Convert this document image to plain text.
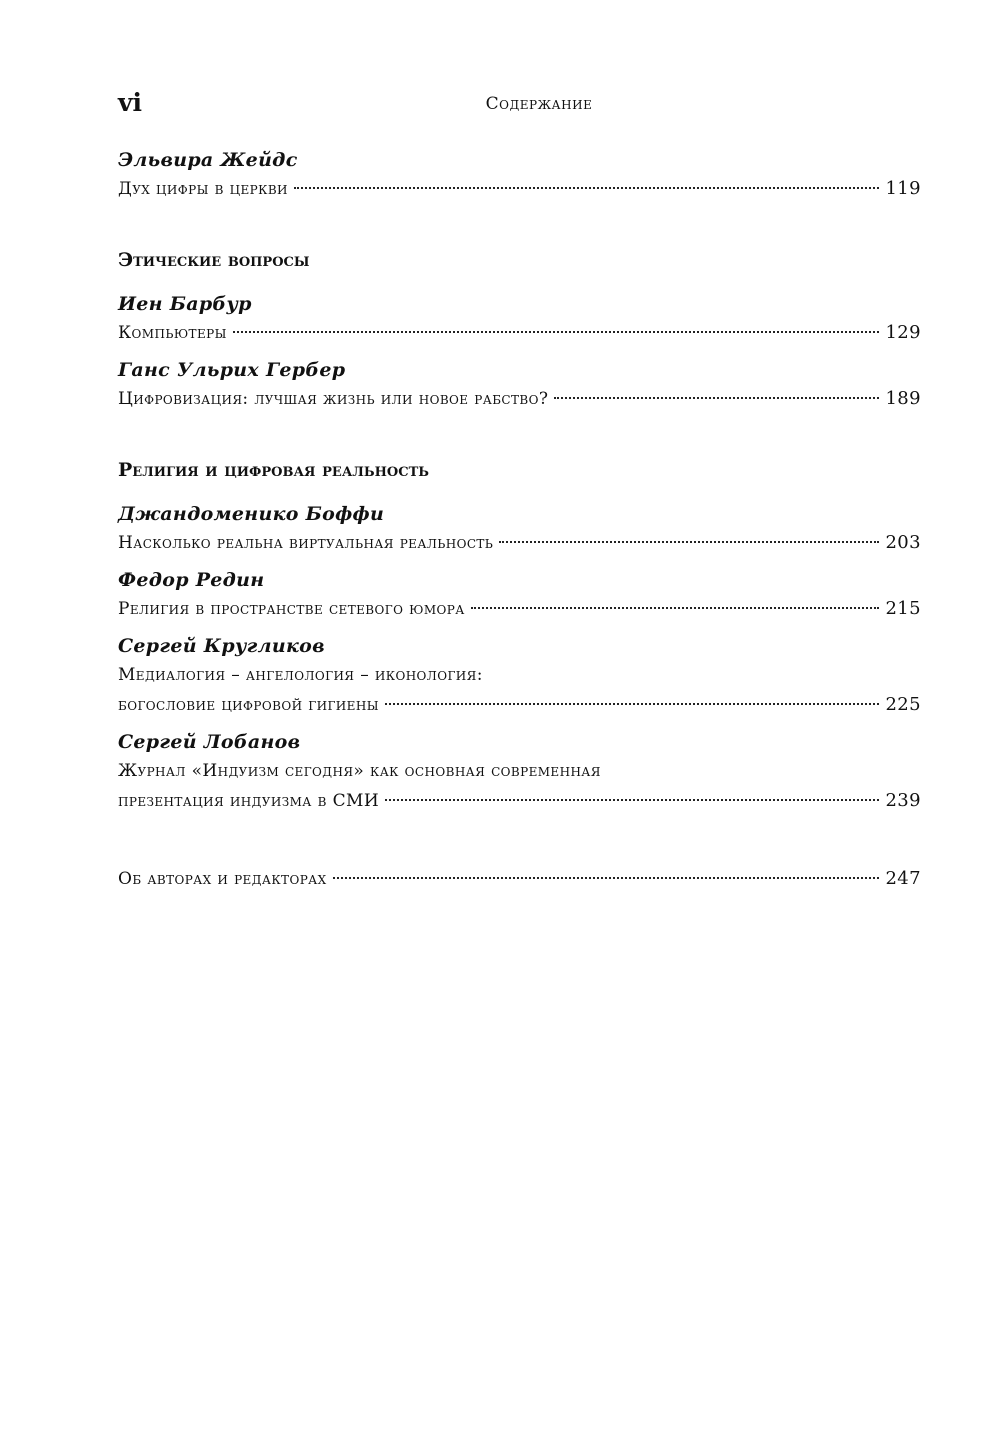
vi	Содержание
Эльвира Жейдс
Дух цифры в церкви	119
Этические вопросы
Иен Барбур
Компьютеры	129
Ганс Ульрих Гербер
Цифровизация: лучшая жизнь или новое рабство?	189
Религия и цифровая реальность
Джандоменико Боффи
Насколько реальна виртуальная реальность	203
Федор Редин
Религия в пространстве сетевого юмора	215
Сергей Кругликов
Медиалогия – ангелология – иконология:
богословие цифровой гигиены	225
Сергей Лобанов
Журнал «Индуизм сегодня» как основная современная
презентация индуизма в СМИ	239
Об авторах и редакторах	247
